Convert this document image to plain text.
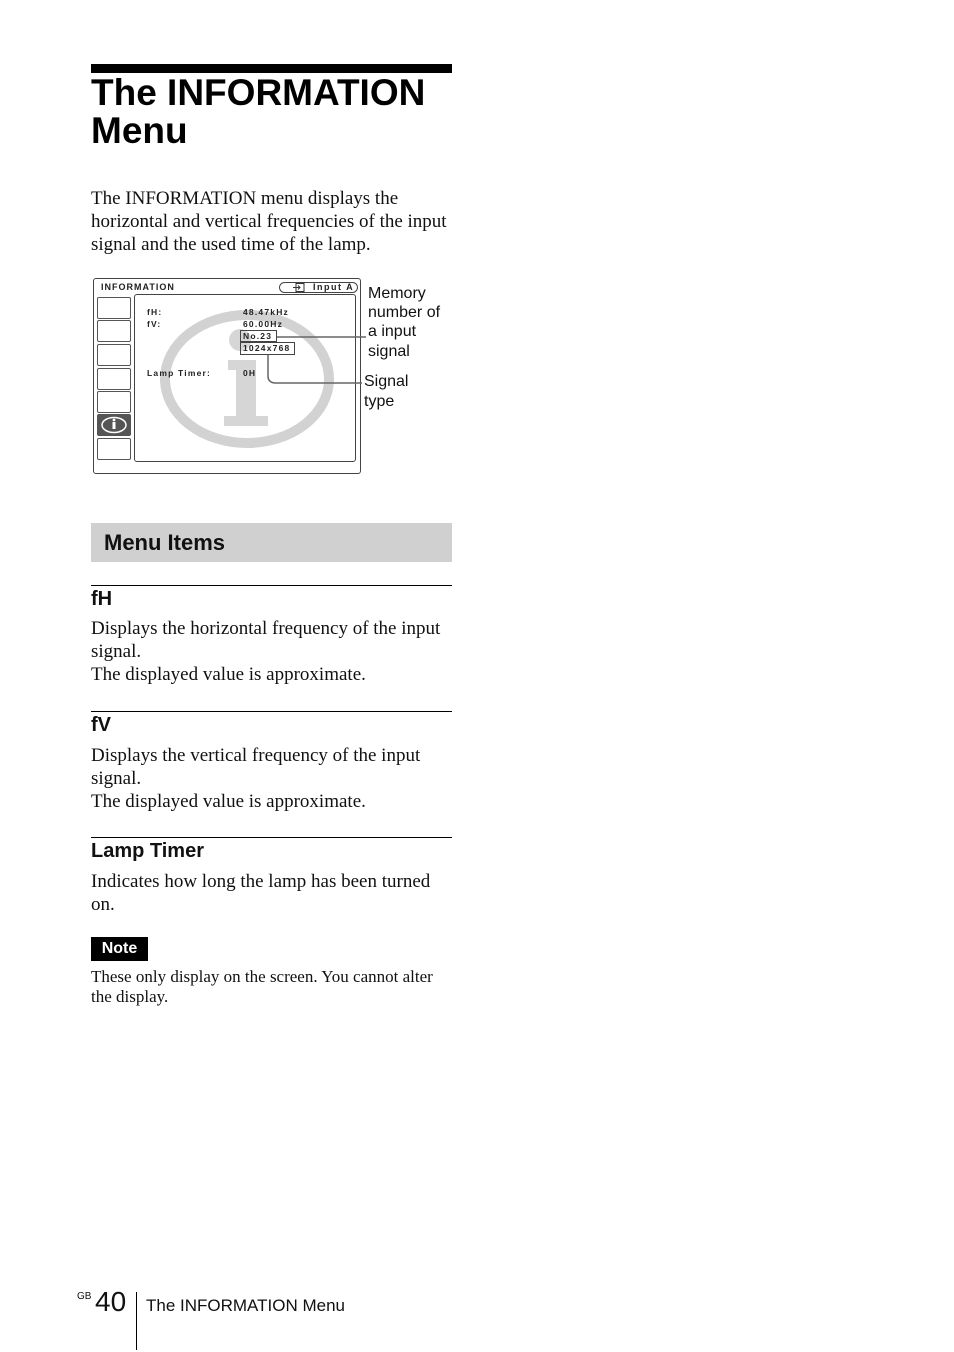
The INFORMATION
Menu

The INFORMATION menu displays the horizontal and vertical frequencies of the input signal and the used time of the lamp.

INFORMATION	Input A
fH:	48.47kHz
fV:	60.00Hz
No.23
1024x768
Lamp Timer:	0H
Memory
number of
a input
signal
Signal
type
Menu Items
fH

Displays the horizontal frequency of the input signal.
The displayed value is approximate.

fV

Displays the vertical frequency of the input signal.
The displayed value is approximate.

Lamp Timer

Indicates how long the lamp has been turned on.

Note

These only display on the screen. You cannot alter the display.

GB 40 The INFORMATION Menu
